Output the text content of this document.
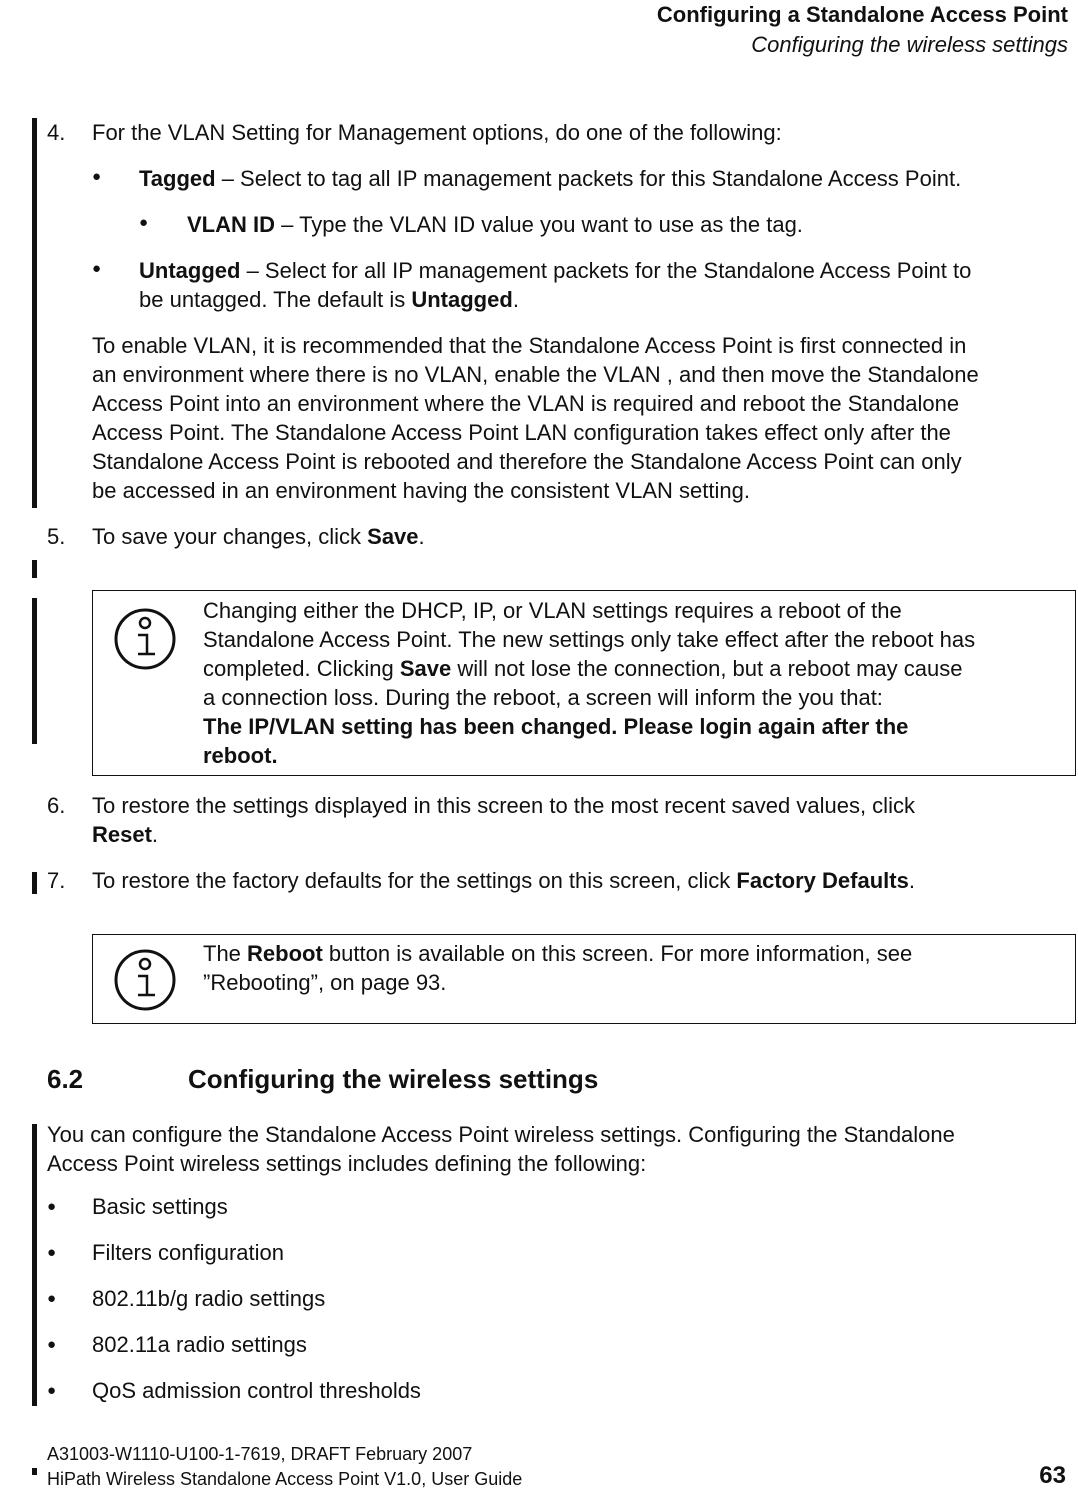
Configuring a Standalone Access Point
Configuring the wireless settings
4. For the VLAN Setting for Management options, do one of the following:
● Tagged – Select to tag all IP management packets for this Standalone Access Point.
● VLAN ID – Type the VLAN ID value you want to use as the tag.
● Untagged – Select for all IP management packets for the Standalone Access Point to
be untagged. The default is Untagged.
To enable VLAN, it is recommended that the Standalone Access Point is first connected in
an environment where there is no VLAN, enable the VLAN , and then move the Standalone
Access Point into an environment where the VLAN is required and reboot the Standalone
Access Point. The Standalone Access Point LAN configuration takes effect only after the
Standalone Access Point is rebooted and therefore the Standalone Access Point can only
be accessed in an environment having the consistent VLAN setting.
5. To save your changes, click Save.
Changing either the DHCP, IP, or VLAN settings requires a reboot of the
Standalone Access Point. The new settings only take effect after the reboot has
completed. Clicking Save will not lose the connection, but a reboot may cause
a connection loss. During the reboot, a screen will inform the you that:
The IP/VLAN setting has been changed. Please login again after the
reboot.
6. To restore the settings displayed in this screen to the most recent saved values, click
Reset.
7. To restore the factory defaults for the settings on this screen, click Factory Defaults.
The Reboot button is available on this screen. For more information, see
”Rebooting”, on page 93.
6.2	Configuring the wireless settings
You can configure the Standalone Access Point wireless settings. Configuring the Standalone
Access Point wireless settings includes defining the following:
● Basic settings
● Filters configuration
● 802.11b/g radio settings
● 802.11a radio settings
● QoS admission control thresholds
A31003-W1110-U100-1-7619, DRAFT February 2007
HiPath Wireless Standalone Access Point V1.0, User Guide	63
